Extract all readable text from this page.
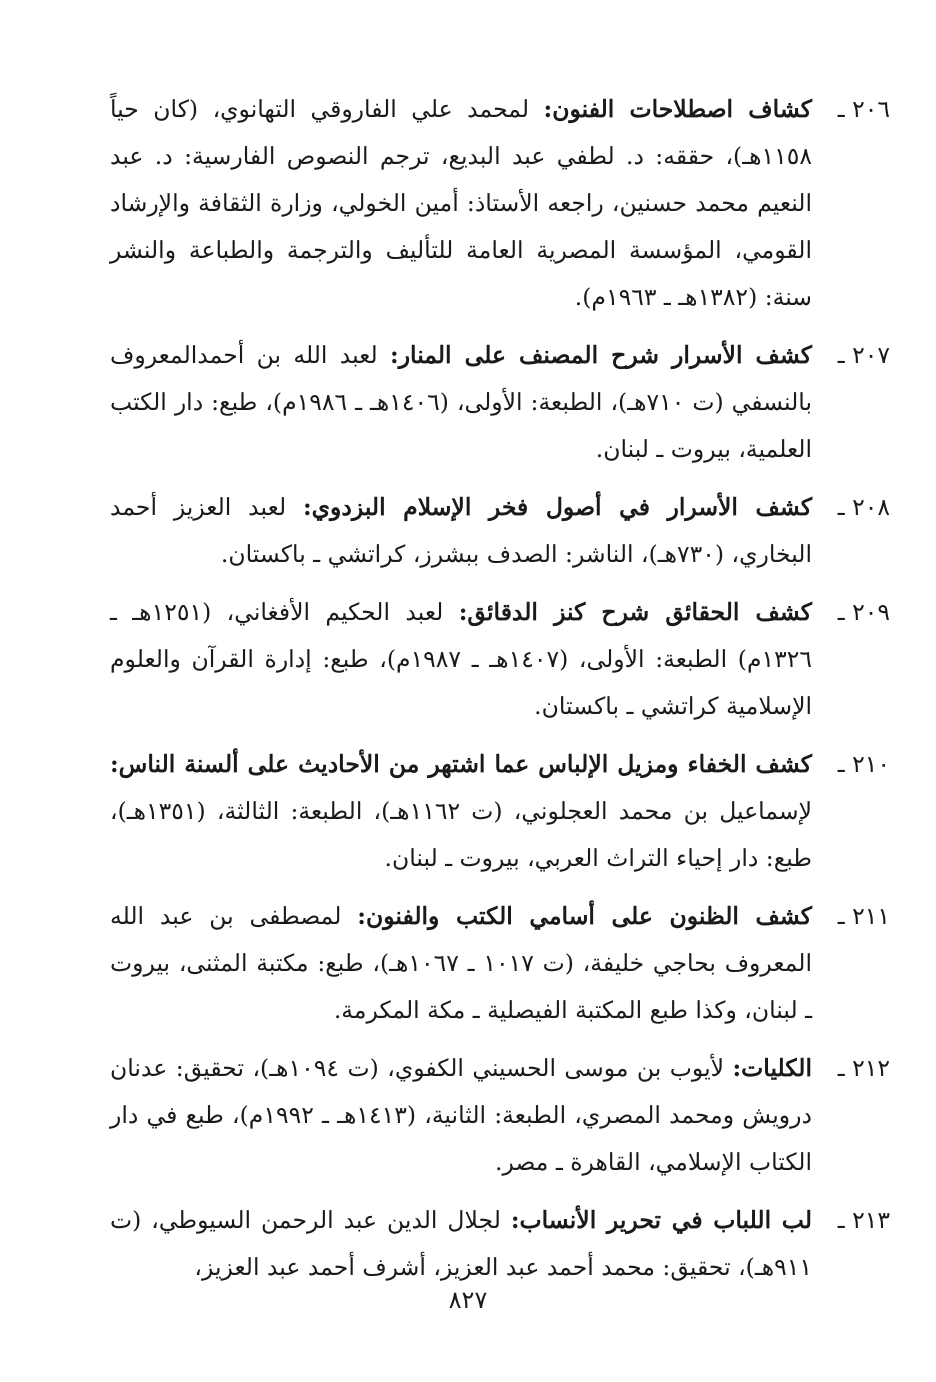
٢٠٦ ـ
كشاف اصطلاحات الفنون: لمحمد علي الفاروقي التهانوي، (كان حياً ١١٥٨هـ)، حققه: د. لطفي عبد البديع، ترجم النصوص الفارسية: د. عبد النعيم محمد حسنين، راجعه الأستاذ: أمين الخولي، وزارة الثقافة والإرشاد القومي، المؤسسة المصرية العامة للتأليف والترجمة والطباعة والنشر سنة: (١٣٨٢هـ ـ ١٩٦٣م).

٢٠٧ ـ
كشف الأسرار شرح المصنف على المنار: لعبد الله بن أحمدالمعروف بالنسفي (ت ٧١٠هـ)، الطبعة: الأولى، (١٤٠٦هـ ـ ١٩٨٦م)، طبع: دار الكتب العلمية، بيروت ـ لبنان.

٢٠٨ ـ
كشف الأسرار في أصول فخر الإسلام البزدوي: لعبد العزيز أحمد البخاري، (٧٣٠هـ)، الناشر: الصدف ببشرز، كراتشي ـ باكستان.

٢٠٩ ـ
كشف الحقائق شرح كنز الدقائق: لعبد الحكيم الأفغاني، (١٢٥١هـ ـ ١٣٢٦م) الطبعة: الأولى، (١٤٠٧هـ ـ ١٩٨٧م)، طبع: إدارة القرآن والعلوم الإسلامية كراتشي ـ باكستان.

٢١٠ ـ
كشف الخفاء ومزيل الإلباس عما اشتهر من الأحاديث على ألسنة الناس: لإسماعيل بن محمد العجلوني، (ت ١١٦٢هـ)، الطبعة: الثالثة، (١٣٥١هـ)، طبع: دار إحياء التراث العربي، بيروت ـ لبنان.

٢١١ ـ
كشف الظنون على أسامي الكتب والفنون: لمصطفى بن عبد الله المعروف بحاجي خليفة، (ت ١٠١٧ ـ ١٠٦٧هـ)، طبع: مكتبة المثنى، بيروت ـ لبنان، وكذا طبع المكتبة الفيصلية ـ مكة المكرمة.

٢١٢ ـ
الكليات: لأيوب بن موسى الحسيني الكفوي، (ت ١٠٩٤هـ)، تحقيق: عدنان درويش ومحمد المصري، الطبعة: الثانية، (١٤١٣هـ ـ ١٩٩٢م)، طبع في دار الكتاب الإسلامي، القاهرة ـ مصر.

٢١٣ ـ
لب اللباب في تحرير الأنساب: لجلال الدين عبد الرحمن السيوطي، (ت ٩١١هـ)، تحقيق: محمد أحمد عبد العزيز، أشرف أحمد عبد العزيز،

٨٢٧
